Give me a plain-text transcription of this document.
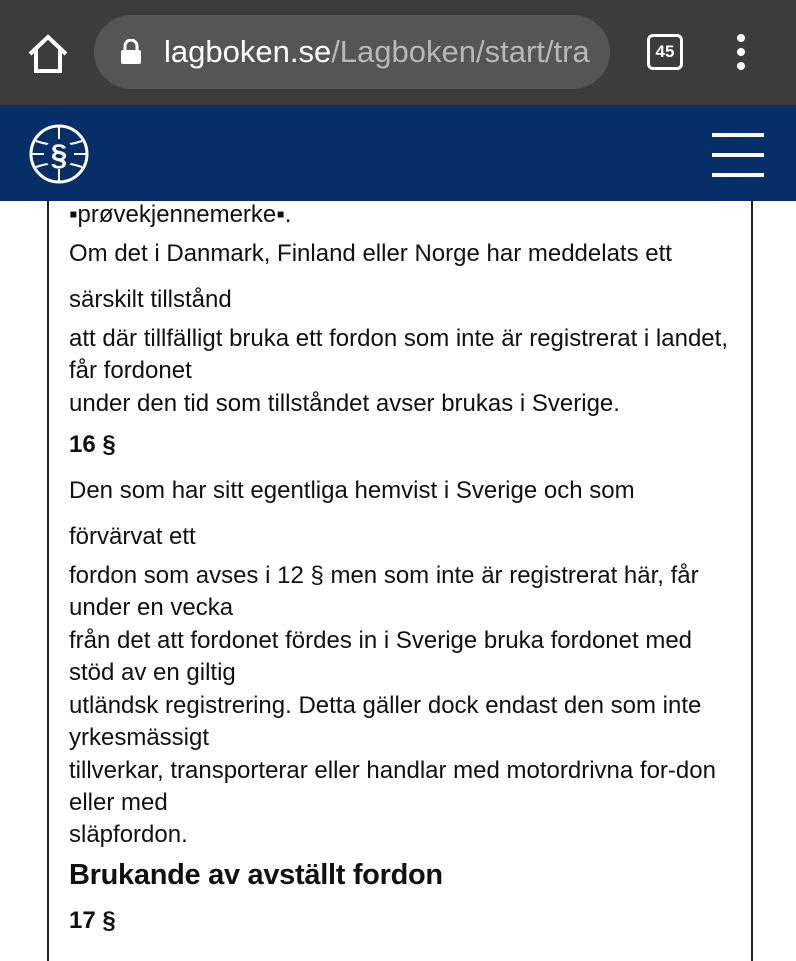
lagboken.se/Lagboken/start/tra	45
§

▪prøvekjennemerke▪.

Om det i Danmark, Finland eller Norge har meddelats ett

särskilt tillstånd

att där tillfälligt bruka ett fordon som inte är registrerat i landet, får fordonet

under den tid som tillståndet avser brukas i Sverige.

16 §

Den som har sitt egentliga hemvist i Sverige och som

förvärvat ett

fordon som avses i 12 § men som inte är registrerat här, får under en vecka

från det att fordonet fördes in i Sverige bruka fordonet med stöd av en giltig

utländsk registrering. Detta gäller dock endast den som inte yrkesmässigt

tillverkar, transporterar eller handlar med motordrivna for-don eller med

släpfordon.

Brukande av avställt fordon

17 §
